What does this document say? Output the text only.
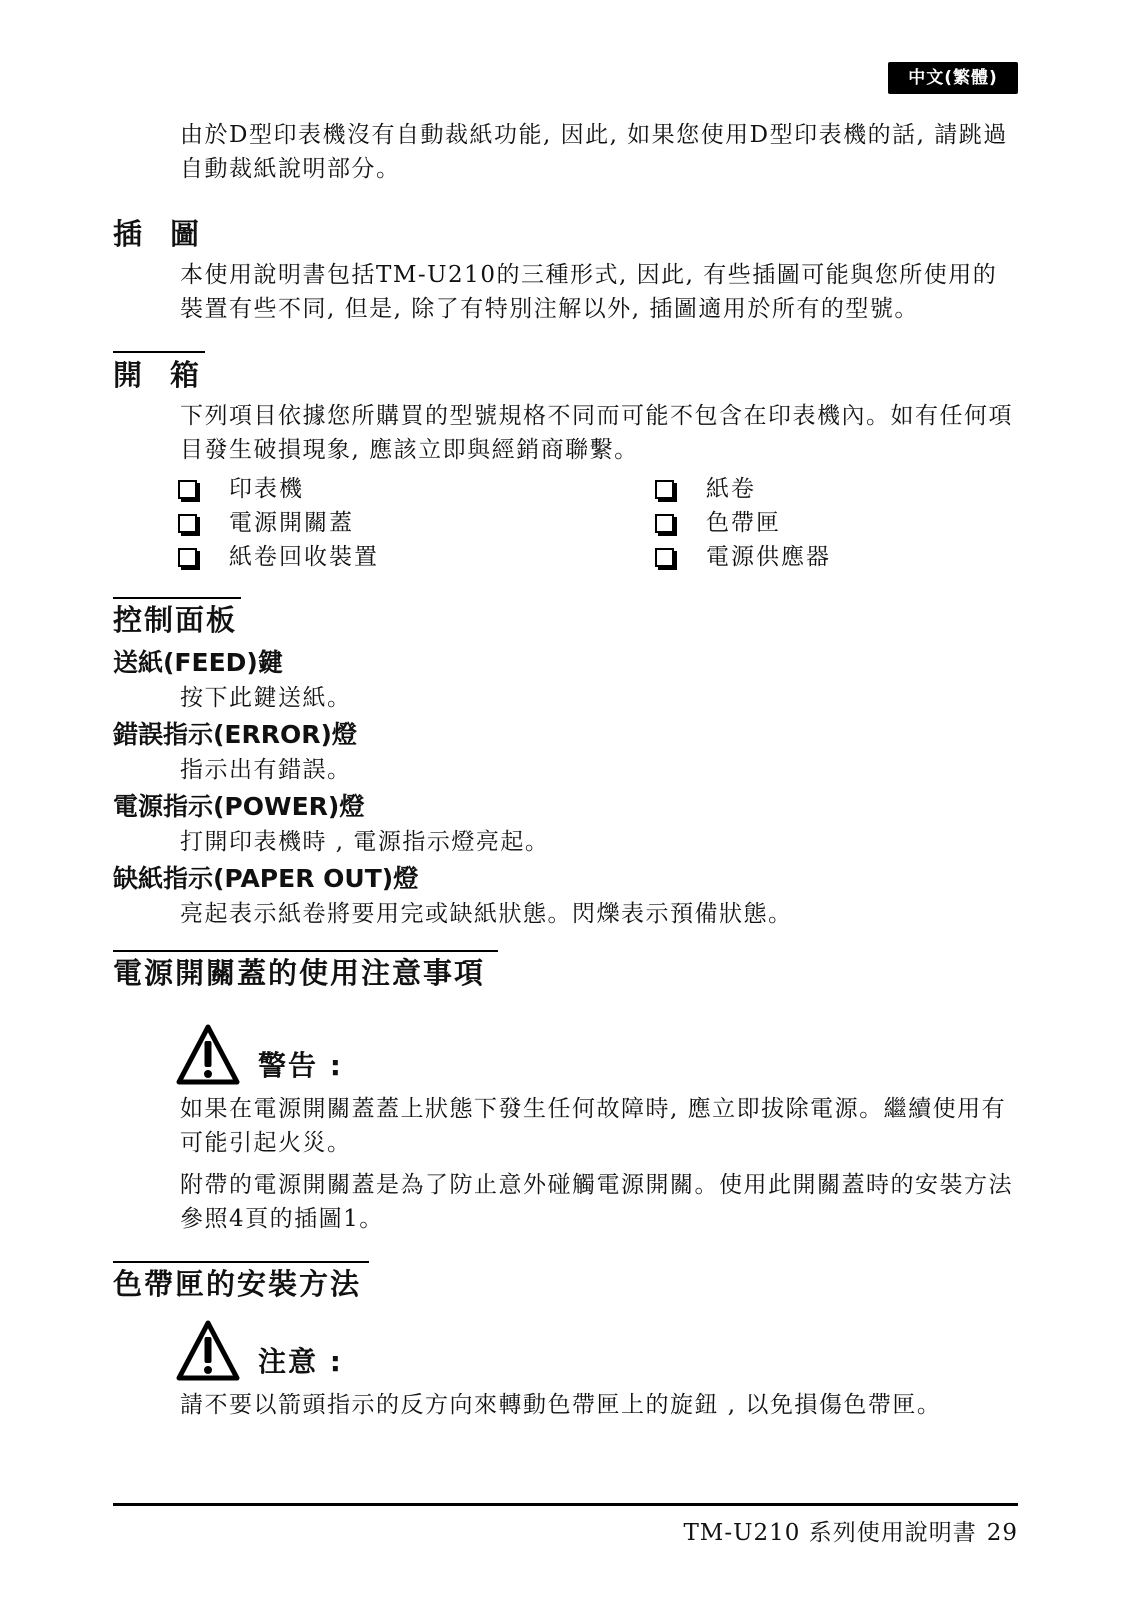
中文(繁體)

由於D型印表機沒有自動裁紙功能, 因此, 如果您使用D型印表機的話, 請跳過自動裁紙說明部分。

插圖

本使用說明書包括TM-U210的三種形式, 因此, 有些插圖可能與您所使用的裝置有些不同, 但是, 除了有特別注解以外, 插圖適用於所有的型號。

開箱

下列項目依據您所購買的型號規格不同而可能不包含在印表機內。如有任何項目發生破損現象, 應該立即與經銷商聯繫。

印表機
電源開關蓋
紙卷回收裝置
紙卷
色帶匣
電源供應器
控制面板
送紙(FEED)鍵

按下此鍵送紙。

錯誤指示(ERROR)燈

指示出有錯誤。

電源指示(POWER)燈

打開印表機時 , 電源指示燈亮起。

缺紙指示(PAPER OUT)燈

亮起表示紙卷將要用完或缺紙狀態。閃爍表示預備狀態。

電源開關蓋的使用注意事項
警告 :

如果在電源開關蓋蓋上狀態下發生任何故障時, 應立即拔除電源。繼續使用有可能引起火災。

附帶的電源開關蓋是為了防止意外碰觸電源開關。使用此開關蓋時的安裝方法參照4頁的插圖1。

色帶匣的安裝方法
注意 :

請不要以箭頭指示的反方向來轉動色帶匣上的旋鈕 , 以免損傷色帶匣。

TM-U210 系列使用說明書 29
